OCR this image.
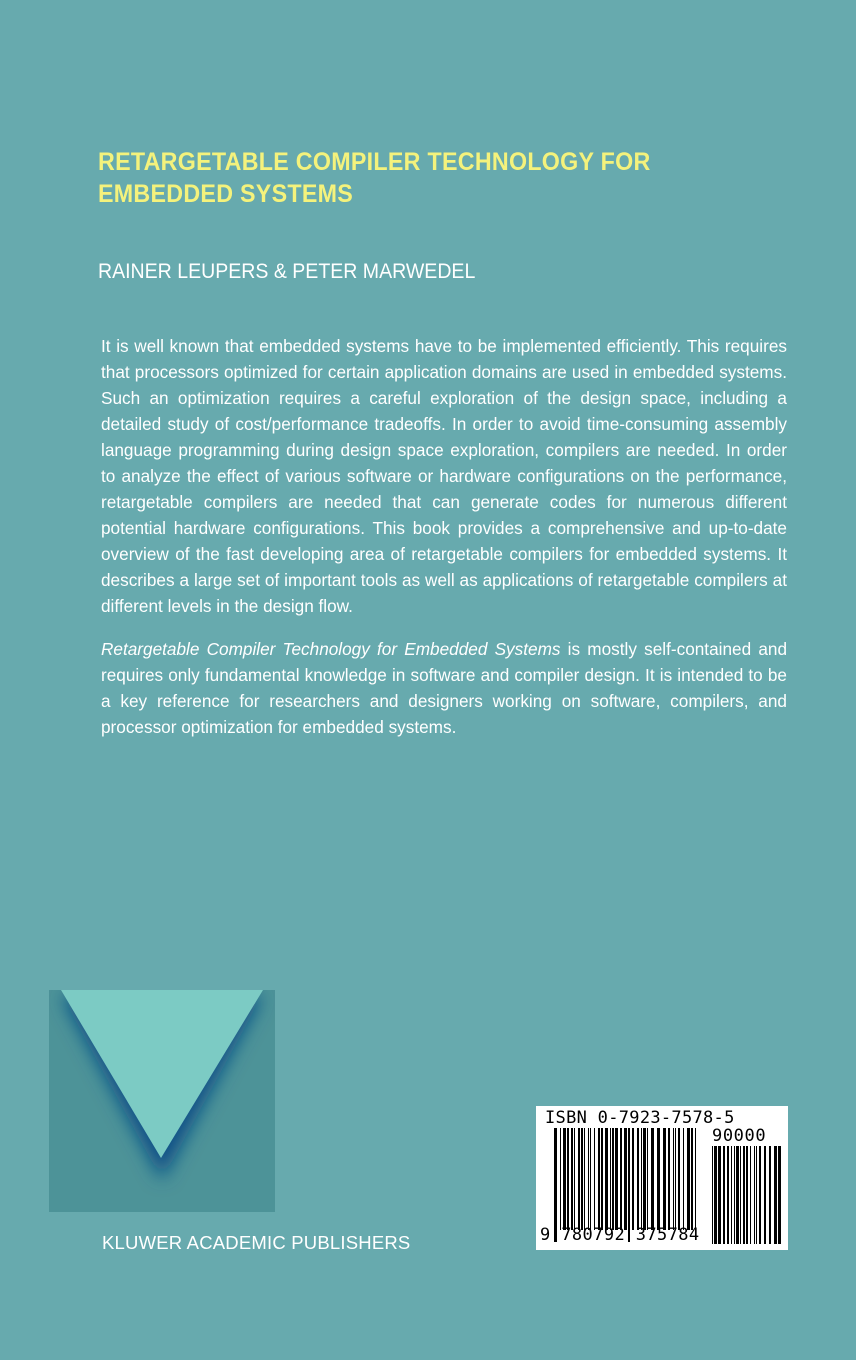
RETARGETABLE COMPILER TECHNOLOGY FOR
EMBEDDED SYSTEMS
RAINER LEUPERS & PETER MARWEDEL

It is well known that embedded systems have to be implemented efficiently. This requires that processors optimized for certain application domains are used in embedded systems. Such an optimization requires a careful exploration of the design space, including a detailed study of cost/performance tradeoffs. In order to avoid time-consuming assembly language programming during design space exploration, compilers are needed. In order to analyze the effect of various software or hardware configurations on the performance, retargetable compilers are needed that can generate codes for numerous different potential hardware configurations. This book provides a comprehensive and up-to-date overview of the fast developing area of retargetable compilers for embedded systems. It describes a large set of important tools as well as applications of retargetable compilers at different levels in the design flow.

Retargetable Compiler Technology for Embedded Systems is mostly self-contained and requires only fundamental knowledge in software and compiler design. It is intended to be a key reference for researchers and designers working on software, compilers, and processor optimization for embedded systems.

KLUWER ACADEMIC PUBLISHERS
ISBN 0-7923-7578-5
90000
9 780792 375784
